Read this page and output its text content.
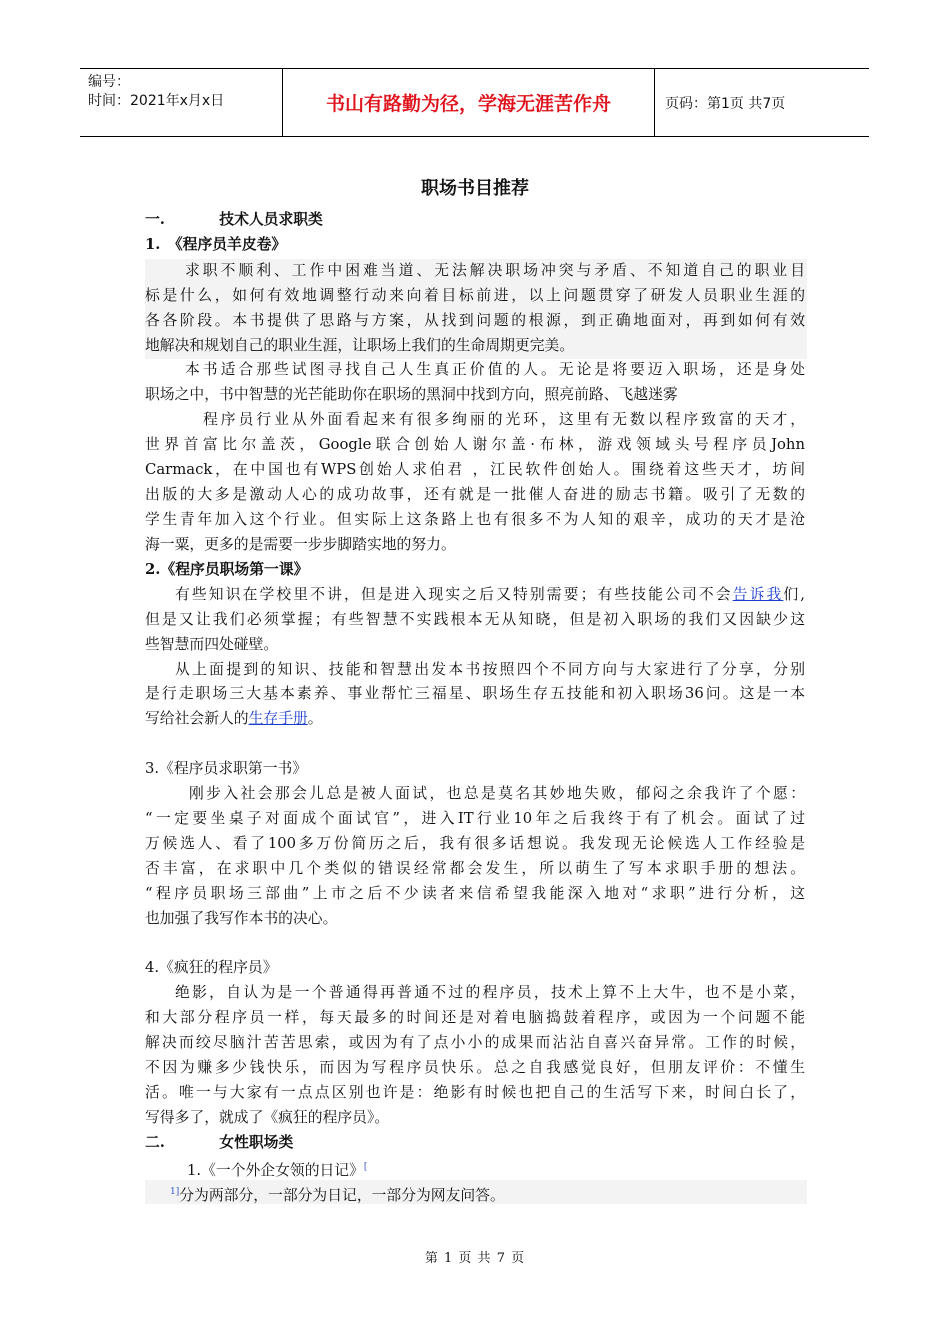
编号：
时间：2021年x月x日	书山有路勤为径，学海无涯苦作舟	页码：第1页 共7页
职场书目推荐
一.	技术人员求职类
1.　《程序员羊皮卷》
求职不顺利、工作中困难当道、无法解决职场冲突与矛盾、不知道自己的职业目
标是什么，如何有效地调整行动来向着目标前进，以上问题贯穿了研发人员职业生涯的
各各阶段。本书提供了思路与方案，从找到问题的根源，到正确地面对，再到如何有效
地解决和规划自己的职业生涯，让职场上我们的生命周期更完美。
本书适合那些试图寻找自己人生真正价值的人。无论是将要迈入职场，还是身处
职场之中，书中智慧的光芒能助你在职场的黑洞中找到方向，照亮前路、飞越迷雾
程序员行业从外面看起来有很多绚丽的光环，这里有无数以程序致富的天才，
世界首富比尔盖茨，Google联合创始人谢尔盖·布林，游戏领域头号程序员John
Carmack，在中国也有WPS创始人求伯君 ，江民软件创始人。围绕着这些天才，坊间
出版的大多是激动人心的成功故事，还有就是一批催人奋进的励志书籍。吸引了无数的
学生青年加入这个行业。但实际上这条路上也有很多不为人知的艰辛，成功的天才是沧
海一粟，更多的是需要一步步脚踏实地的努力。
2.《程序员职场第一课》
有些知识在学校里不讲，但是进入现实之后又特别需要；有些技能公司不会告诉我们,
但是又让我们必须掌握；有些智慧不实践根本无从知晓，但是初入职场的我们又因缺少这
些智慧而四处碰壁。
从上面提到的知识、技能和智慧出发本书按照四个不同方向与大家进行了分享，分别
是行走职场三大基本素养、事业帮忙三福星、职场生存五技能和初入职场36问。这是一本
写给社会新人的生存手册。
3.《程序员求职第一书》
刚步入社会那会儿总是被人面试，也总是莫名其妙地失败，郁闷之余我许了个愿：
“一定要坐桌子对面成个面试官”，进入IT行业10年之后我终于有了机会。面试了过
万候选人、看了100多万份简历之后，我有很多话想说。我发现无论候选人工作经验是
否丰富，在求职中几个类似的错误经常都会发生，所以萌生了写本求职手册的想法。
“程序员职场三部曲”上市之后不少读者来信希望我能深入地对“求职”进行分析，这
也加强了我写作本书的决心。
4.《疯狂的程序员》
绝影，自认为是一个普通得再普通不过的程序员，技术上算不上大牛，也不是小菜，
和大部分程序员一样，每天最多的时间还是对着电脑捣鼓着程序，或因为一个问题不能
解决而绞尽脑汁苦苦思索，或因为有了点小小的成果而沾沾自喜兴奋异常。工作的时候，
不因为赚多少钱快乐，而因为写程序员快乐。总之自我感觉良好，但朋友评价：不懂生
活。唯一与大家有一点点区别也许是：绝影有时候也把自己的生活写下来，时间白长了，
写得多了，就成了《疯狂的程序员》。
二.	女性职场类
1.《一个外企女领的日记》[
$^{1]}$分为两部分，一部分为日记，一部分为网友问答。
第 1 页 共 7 页
